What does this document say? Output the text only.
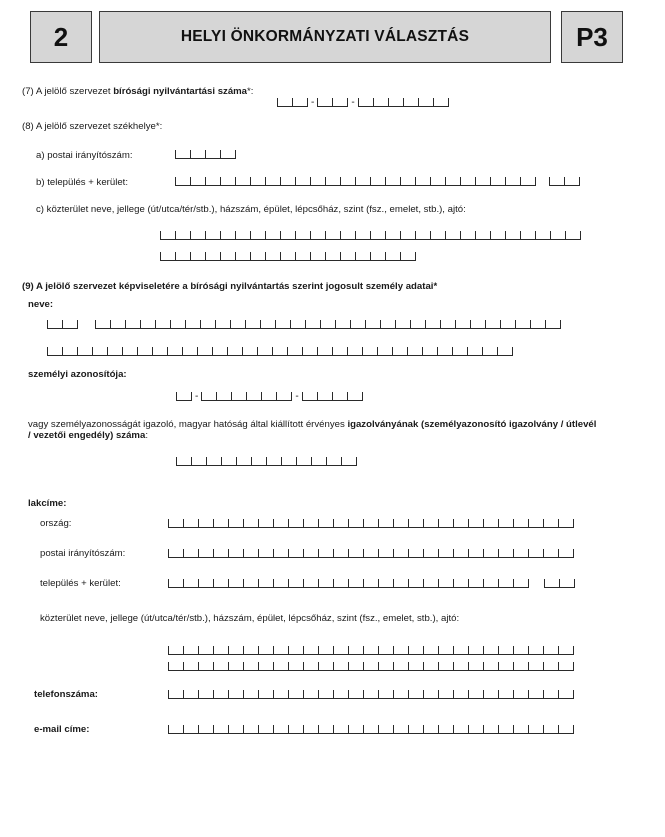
2	HELYI ÖNKORMÁNYZATI VÁLASZTÁS	P3
(7) A jelölő szervezet bírósági nyilvántartási száma*:
-	-
(8) A jelölő szervezet székhelye*:
a) postai irányítószám:
b) település + kerület:
c) közterület neve, jellege (út/utca/tér/stb.), házszám, épület, lépcsőház, szint (fsz., emelet, stb.), ajtó:
(9) A jelölő szervezet képviseletére a bírósági nyilvántartás szerint jogosult személy adatai*
neve:
személyi azonosítója:
-	-
vagy személyazonosságát igazoló, magyar hatóság által kiállított érvényes igazolványának (személyazonosító igazolvány / útlevél
/ vezetői engedély) száma:
lakcíme:
ország:
postai irányítószám:
település + kerület:
közterület neve, jellege (út/utca/tér/stb.), házszám, épület, lépcsőház, szint (fsz., emelet, stb.), ajtó:
telefonszáma:
e-mail címe:
